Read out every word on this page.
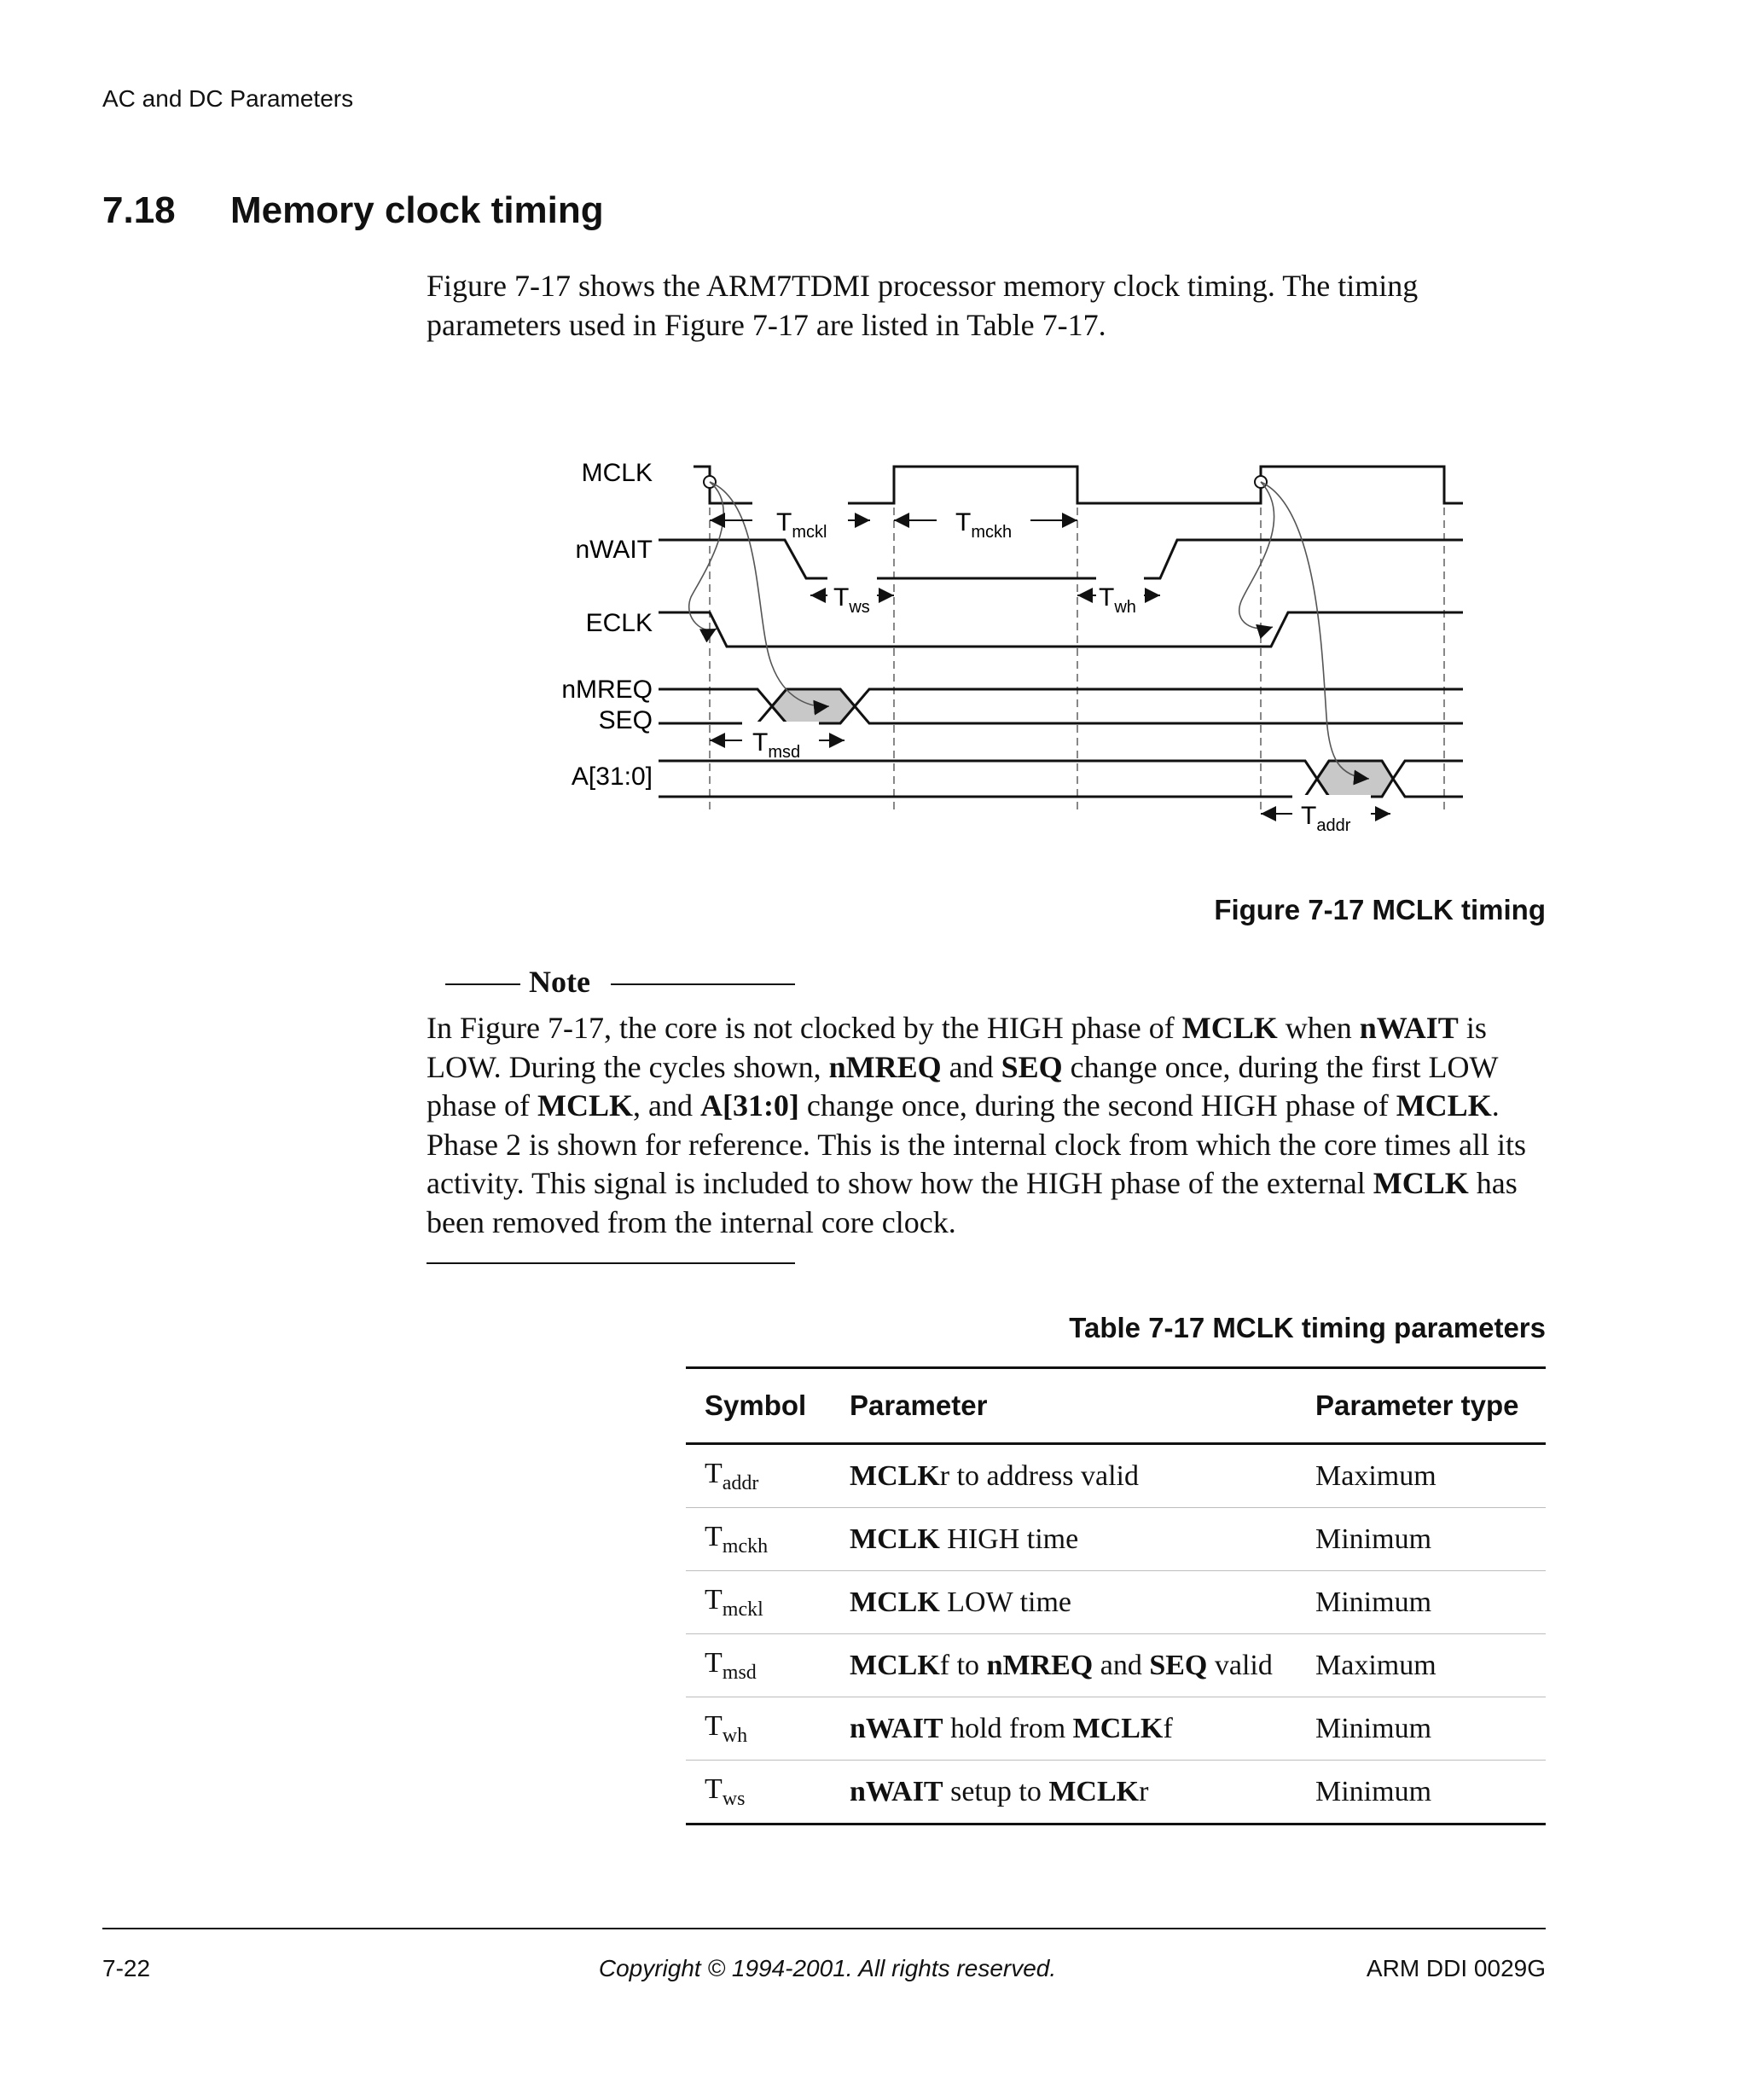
AC and DC Parameters
7.18 Memory clock timing
Figure 7-17 shows the ARM7TDMI processor memory clock timing. The timing parameters used in Figure 7-17 are listed in Table 7-17.
MCLK
nWAIT
ECLK
nMREQ
SEQ
A[31:0]
$T_{mckl}$	$T_{mckh}$
$T_{ws}$	$T_{wh}$
$T_{msd}$
$T_{addr}$
Figure 7-17 MCLK timing
Note
In Figure 7-17, the core is not clocked by the HIGH phase of MCLK when nWAIT is LOW. During the cycles shown, nMREQ and SEQ change once, during the first LOW phase of MCLK, and A[31:0] change once, during the second HIGH phase of MCLK. Phase 2 is shown for reference. This is the internal clock from which the core times all its activity. This signal is included to show how the HIGH phase of the external MCLK has been removed from the internal core clock.
Table 7-17 MCLK timing parameters
Symbol	Parameter	Parameter type
$T_{addr}$	MCLKr to address valid	Maximum
$T_{mckh}$	MCLK HIGH time	Minimum
$T_{mckl}$	MCLK LOW time	Minimum
$T_{msd}$	MCLKf to nMREQ and SEQ valid	Maximum
$T_{wh}$	nWAIT hold from MCLKf	Minimum
$T_{ws}$	nWAIT setup to MCLKr	Minimum
7-22	Copyright © 1994-2001. All rights reserved.	ARM DDI 0029G
